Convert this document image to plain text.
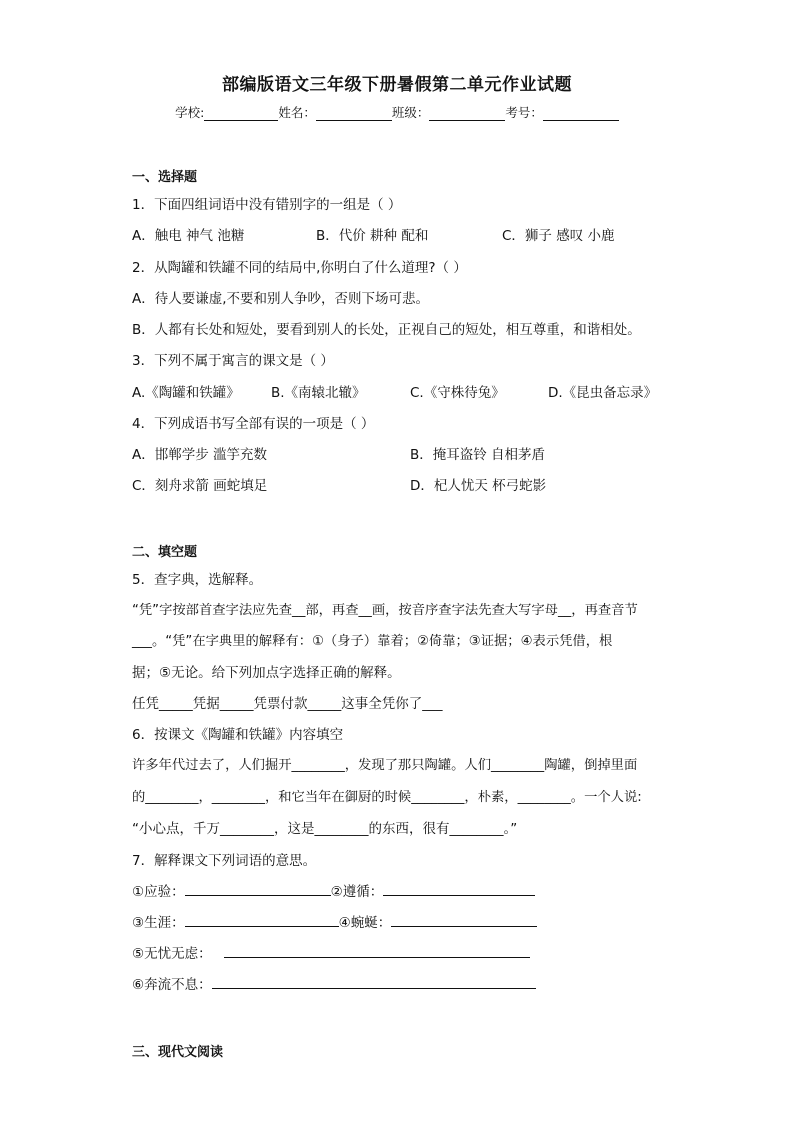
部编版语文三年级下册暑假第二单元作业试题
学校:	姓名：	班级：	考号：
一、选择题
1．下面四组词语中没有错别字的一组是（ ）
A．触电 神气 池糖	B．代价 耕种 配和	C．狮子 感叹 小鹿
2．从陶罐和铁罐不同的结局中,你明白了什么道理?（ ）
A．待人要谦虚,不要和别人争吵，否则下场可悲。
B．人都有长处和短处，要看到别人的长处，正视自己的短处，相互尊重，和谐相处。
3．下列不属于寓言的课文是（ ）
A.《陶罐和铁罐》 B.《南辕北辙》	C.《守株待兔》	D.《昆虫备忘录》
4．下列成语书写全部有误的一项是（ ）
A．邯郸学步 滥竽充数	B．掩耳盗铃 自相茅盾
C．刻舟求箭 画蛇填足	D．杞人忧天 杯弓蛇影
二、填空题
5．查字典，选解释。
“凭”字按部首查字法应先查__部，再查__画，按音序查字法先查大写字母__，再查音节
___。“凭”在字典里的解释有：①（身子）靠着；②倚靠；③证据；④表示凭借，根
据；⑤无论。给下列加点字选择正确的解释。
任凭_____凭据_____凭票付款_____这事全凭你了___
6．按课文《陶罐和铁罐》内容填空
许多年代过去了，人们掘开________，发现了那只陶罐。人们________陶罐，倒掉里面
的________，________，和它当年在御厨的时候________，朴素，________。一个人说:
“小心点，千万________，这是________的东西，很有________。”
7．解释课文下列词语的意思。
①应验：	②遵循：
③生涯：	④蜿蜒：
⑤无忧无虑：
⑥奔流不息：
三、现代文阅读
